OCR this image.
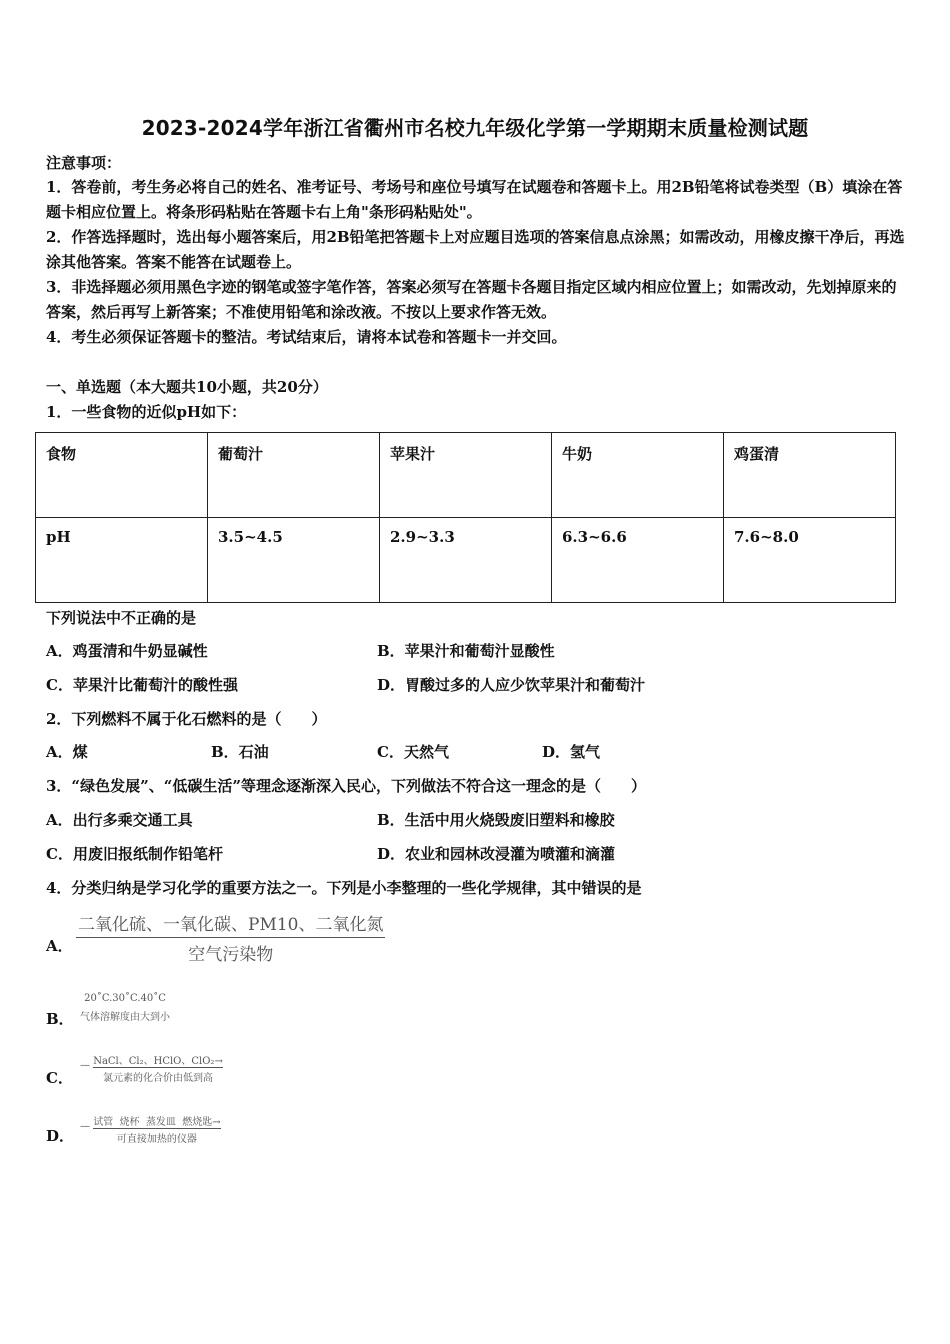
2023-2024学年浙江省衢州市名校九年级化学第一学期期末质量检测试题
注意事项：
1．答卷前，考生务必将自己的姓名、准考证号、考场号和座位号填写在试题卷和答题卡上。用2B铅笔将试卷类型（B）填涂在答题卡相应位置上。将条形码粘贴在答题卡右上角"条形码粘贴处"。
2．作答选择题时，选出每小题答案后，用2B铅笔把答题卡上对应题目选项的答案信息点涂黑；如需改动，用橡皮擦干净后，再选涂其他答案。答案不能答在试题卷上。
3．非选择题必须用黑色字迹的钢笔或签字笔作答，答案必须写在答题卡各题目指定区域内相应位置上；如需改动，先划掉原来的答案，然后再写上新答案；不准使用铅笔和涂改液。不按以上要求作答无效。
4．考生必须保证答题卡的整洁。考试结束后，请将本试卷和答题卡一并交回。
一、单选题（本大题共10小题，共20分）
1．一些食物的近似pH如下：
食物	葡萄汁	苹果汁	牛奶	鸡蛋清
pH	3.5~4.5	2.9~3.3	6.3~6.6	7.6~8.0
下列说法中不正确的是
A．鸡蛋清和牛奶显碱性	B．苹果汁和葡萄汁显酸性
C．苹果汁比葡萄汁的酸性强	D．胃酸过多的人应少饮苹果汁和葡萄汁
2．下列燃料不属于化石燃料的是（　　）
A．煤	B．石油	C．天然气	D．氢气
3．“绿色发展”、“低碳生活”等理念逐渐深入民心，下列做法不符合这一理念的是（　　）
A．出行多乘交通工具	B．生活中用火烧毁废旧塑料和橡胶
C．用废旧报纸制作铅笔杆	D．农业和园林改浸灌为喷灌和滴灌
4．分类归纳是学习化学的重要方法之一。下列是小李整理的一些化学规律，其中错误的是
A．
二氧化硫、一氧化碳、PM10、二氧化氮
空气污染物
B．
20˚C.30˚C.40˚C
气体溶解度由大到小
C．
— NaCl、Cl₂、HClO、ClO₂→
氯元素的化合价由低到高
D．
— 试管  烧杯  蒸发皿  燃烧匙→
可直接加热的仪器
